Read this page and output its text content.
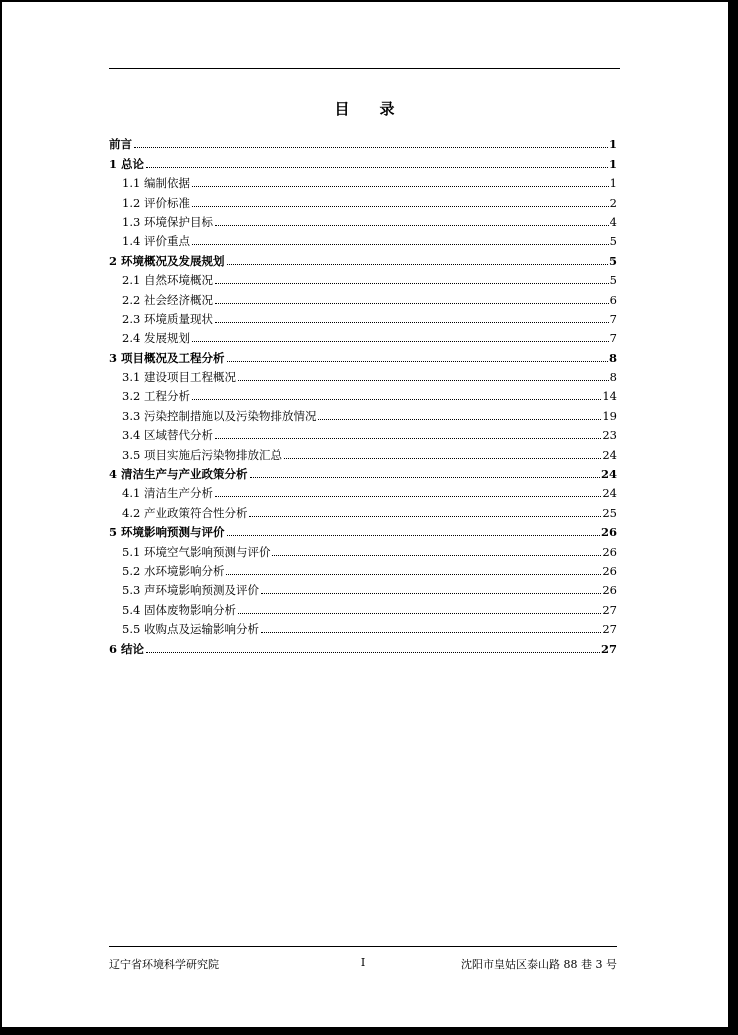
目录
前言	1
1 总论	1
1.1 编制依据	1
1.2 评价标准	2
1.3 环境保护目标	4
1.4 评价重点	5
2 环境概况及发展规划	5
2.1 自然环境概况	5
2.2 社会经济概况	6
2.3 环境质量现状	7
2.4 发展规划	7
3 项目概况及工程分析	8
3.1 建设项目工程概况	8
3.2 工程分析	14
3.3 污染控制措施以及污染物排放情况	19
3.4 区域替代分析	23
3.5 项目实施后污染物排放汇总	24
4 清洁生产与产业政策分析	24
4.1 清洁生产分析	24
4.2 产业政策符合性分析	25
5 环境影响预测与评价	26
5.1 环境空气影响预测与评价	26
5.2 水环境影响分析	26
5.3 声环境影响预测及评价	26
5.4 固体废物影响分析	27
5.5 收购点及运输影响分析	27
6 结论	27
辽宁省环境科学研究院	I	沈阳市皇姑区泰山路 88 巷 3 号
